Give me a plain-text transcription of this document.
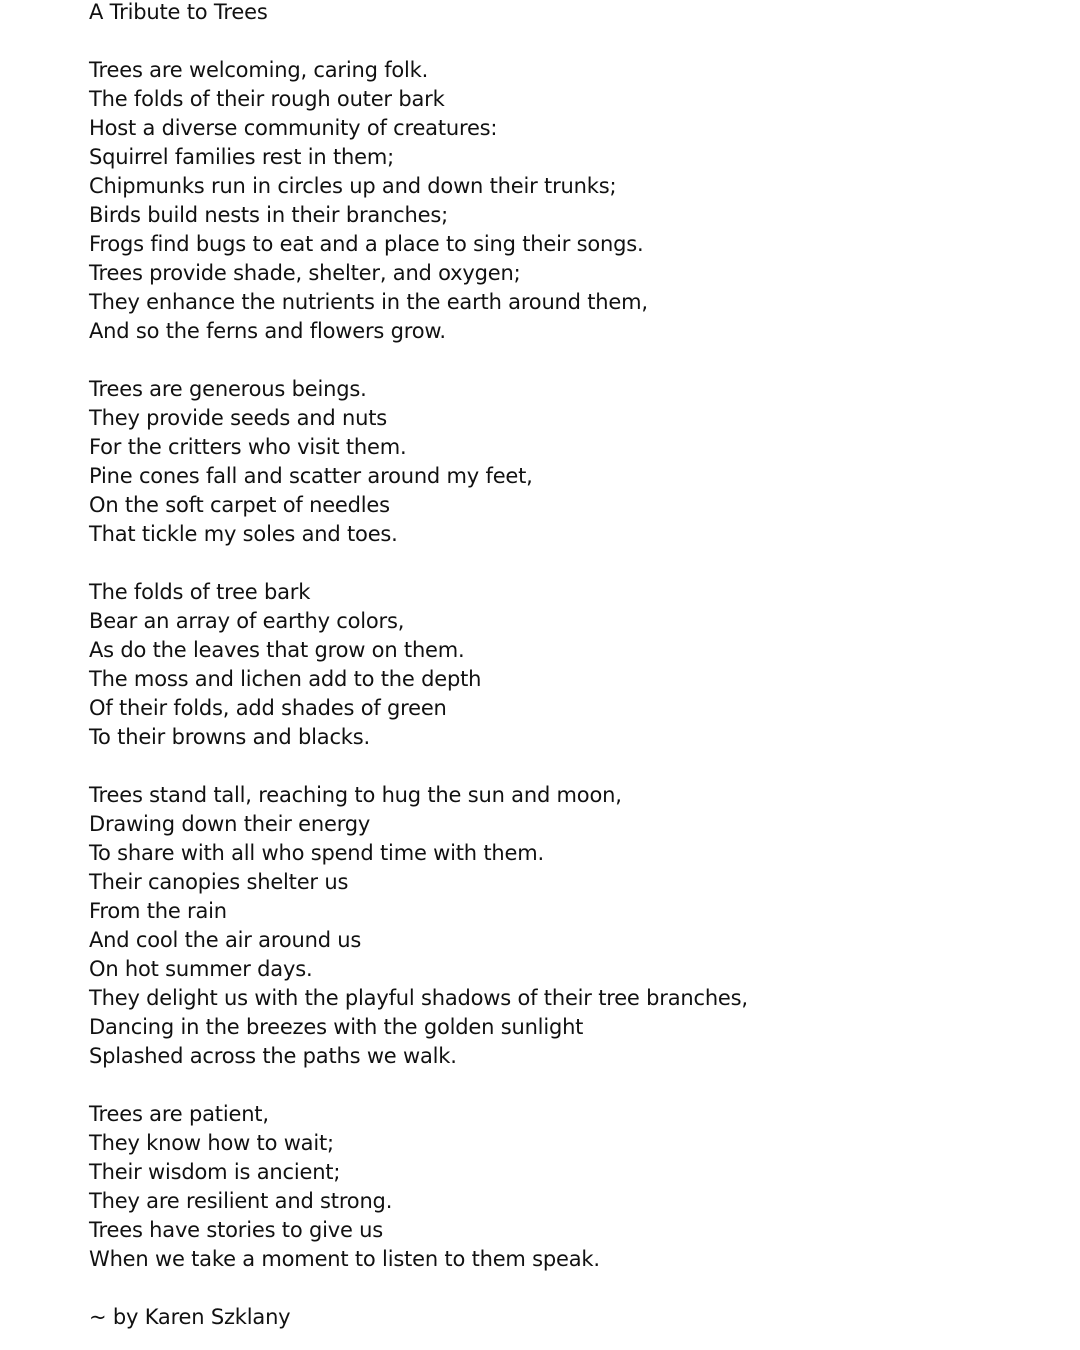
A Tribute to Trees
Trees are welcoming, caring folk.
The folds of their rough outer bark
Host a diverse community of creatures:
Squirrel families rest in them;
Chipmunks run in circles up and down their trunks;
Birds build nests in their branches;
Frogs find bugs to eat and a place to sing their songs.
Trees provide shade, shelter, and oxygen;
They enhance the nutrients in the earth around them,
And so the ferns and flowers grow.
Trees are generous beings.
They provide seeds and nuts
For the critters who visit them.
Pine cones fall and scatter around my feet,
On the soft carpet of needles
That tickle my soles and toes.
The folds of tree bark
Bear an array of earthy colors,
As do the leaves that grow on them.
The moss and lichen add to the depth
Of their folds, add shades of green
To their browns and blacks.
Trees stand tall, reaching to hug the sun and moon,
Drawing down their energy
To share with all who spend time with them.
Their canopies shelter us
From the rain
And cool the air around us
On hot summer days.
They delight us with the playful shadows of their tree branches,
Dancing in the breezes with the golden sunlight
Splashed across the paths we walk.
Trees are patient,
They know how to wait;
Their wisdom is ancient;
They are resilient and strong.
Trees have stories to give us
When we take a moment to listen to them speak.
~ by Karen Szklany
